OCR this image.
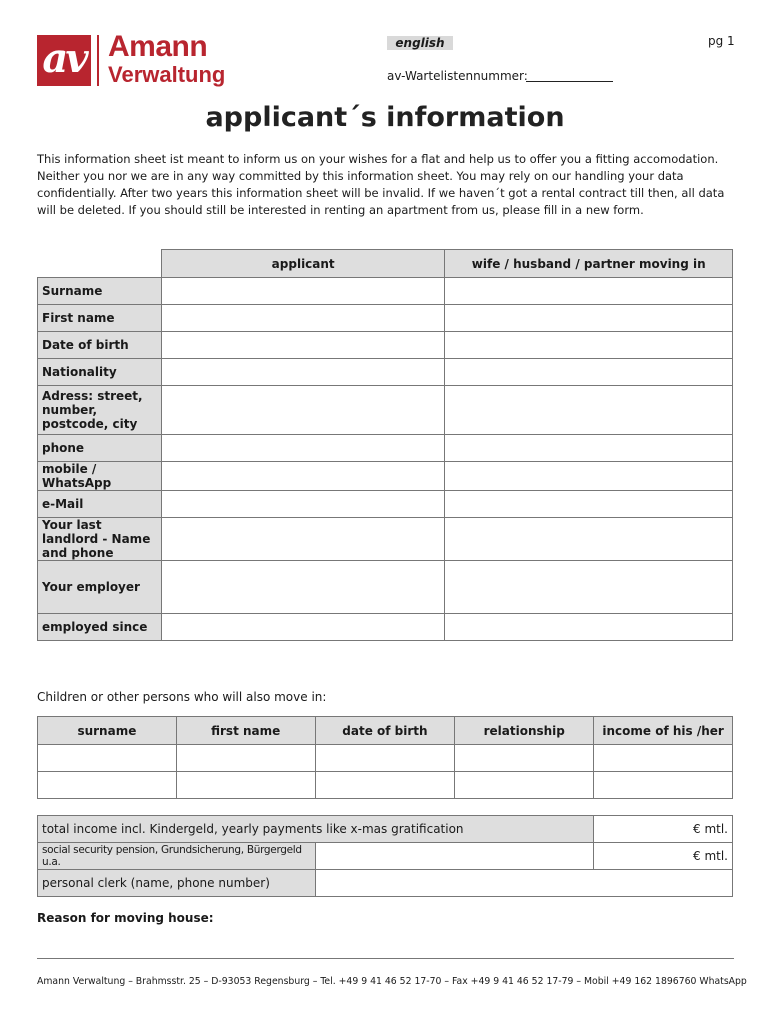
av Amann
Verwaltung
english	pg 1
av-Wartelistennummer:
applicant´s information
This information sheet ist meant to inform us on your wishes for a flat and help us to offer you a fitting accomodation. Neither you nor we are in any way committed by this information sheet. You may rely on our handling your data confidentially. After two years this information sheet will be invalid. If we haven´t got a rental contract till then, all data will be deleted. If you should still be interested in renting an apartment from us, please fill in a new form.
	applicant	wife / husband / partner moving in
Surname		
First name		
Date of birth		
Nationality		
Adress: street, number, postcode, city		
phone		
mobile / WhatsApp		
e-Mail		
Your last landlord - Name and phone		
Your employer		
employed since		
Children or other persons who will also move in:
surname	first name	date of birth	relationship	income of his /her

total income incl. Kindergeld, yearly payments like x-mas gratification		€ mtl.
social security pension, Grundsicherung, Bürgergeld u.a.		€ mtl.
personal clerk (name, phone number)		
Reason for moving house:
Amann Verwaltung – Brahmsstr. 25 – D-93053 Regensburg – Tel. +49 9 41 46 52 17-70 – Fax +49 9 41 46 52 17-79 – Mobil +49 162 1896760 WhatsApp
